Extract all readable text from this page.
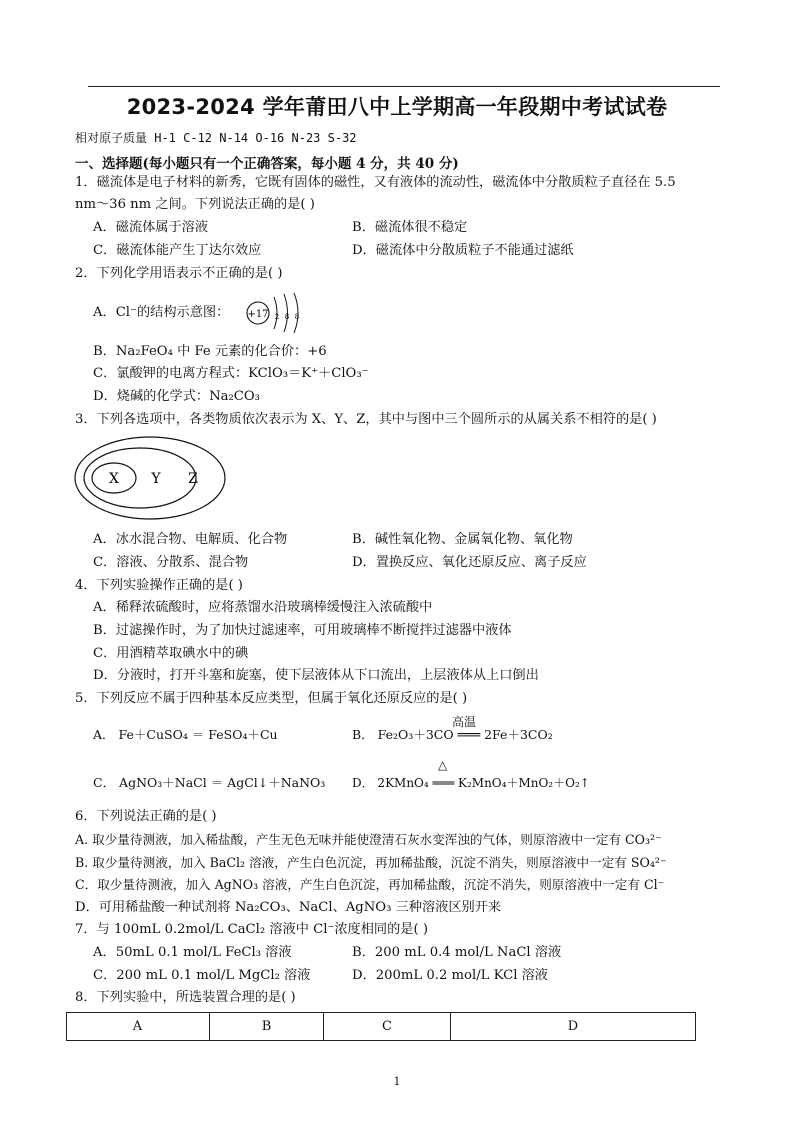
2023-2024 学年莆田八中上学期高一年段期中考试试卷
相对原子质量 H-1 C-12 N-14 O-16 N-23 S-32
一、选择题(每小题只有一个正确答案，每小题 4 分，共 40 分)
1．磁流体是电子材料的新秀，它既有固体的磁性，又有液体的流动性，磁流体中分散质粒子直径在 5.5
nm～36 nm 之间。下列说法正确的是( )
A．磁流体属于溶液	B．磁流体很不稳定
C．磁流体能产生丁达尔效应	D．磁流体中分散质粒子不能通过滤纸
2．下列化学用语表示不正确的是( )
A．Cl⁻的结构示意图： +17 2 8 8
B．Na₂FeO₄ 中 Fe 元素的化合价：+6
C．氯酸钾的电离方程式：KClO₃＝K⁺＋ClO₃⁻
D．烧碱的化学式：Na₂CO₃
3．下列各选项中，各类物质依次表示为 X、Y、Z，其中与图中三个圆所示的从属关系不相符的是( )
X Y Z
A．冰水混合物、电解质、化合物	B．碱性氧化物、金属氧化物、氧化物
C．溶液、分散系、混合物	D．置换反应、氧化还原反应、离子反应
4．下列实验操作正确的是( )
A．稀释浓硫酸时，应将蒸馏水沿玻璃棒缓慢注入浓硫酸中
B．过滤操作时，为了加快过滤速率，可用玻璃棒不断搅拌过滤器中液体
C．用酒精萃取碘水中的碘
D．分液时，打开斗塞和旋塞，使下层液体从下口流出，上层液体从上口倒出
5．下列反应不属于四种基本反应类型，但属于氧化还原反应的是( )
A． Fe＋CuSO₄ ＝ FeSO₄＋Cu
高温
B． Fe₂O₃＋3CO ═══ 2Fe＋3CO₂
C． AgNO₃＋NaCl ＝ AgCl↓＋NaNO₃
△
D． 2KMnO₄ ═══ K₂MnO₄＋MnO₂＋O₂↑
6．下列说法正确的是( )
A. 取少量待测液，加入稀盐酸，产生无色无味并能使澄清石灰水变浑浊的气体，则原溶液中一定有 CO₃²⁻
B. 取少量待测液，加入 BaCl₂ 溶液，产生白色沉淀，再加稀盐酸，沉淀不消失，则原溶液中一定有 SO₄²⁻
C．取少量待测液，加入 AgNO₃ 溶液，产生白色沉淀，再加稀盐酸，沉淀不消失，则原溶液中一定有 Cl⁻
D．可用稀盐酸一种试剂将 Na₂CO₃、NaCl、AgNO₃ 三种溶液区别开来
7．与 100mL 0.2mol/L CaCl₂ 溶液中 Cl⁻浓度相同的是( )
A．50mL 0.1 mol/L FeCl₃ 溶液	B．200 mL 0.4 mol/L NaCl 溶液
C．200 mL 0.1 mol/L MgCl₂ 溶液	D．200mL 0.2 mol/L KCl 溶液
8．下列实验中，所选装置合理的是( )
A	B	C	D
1
